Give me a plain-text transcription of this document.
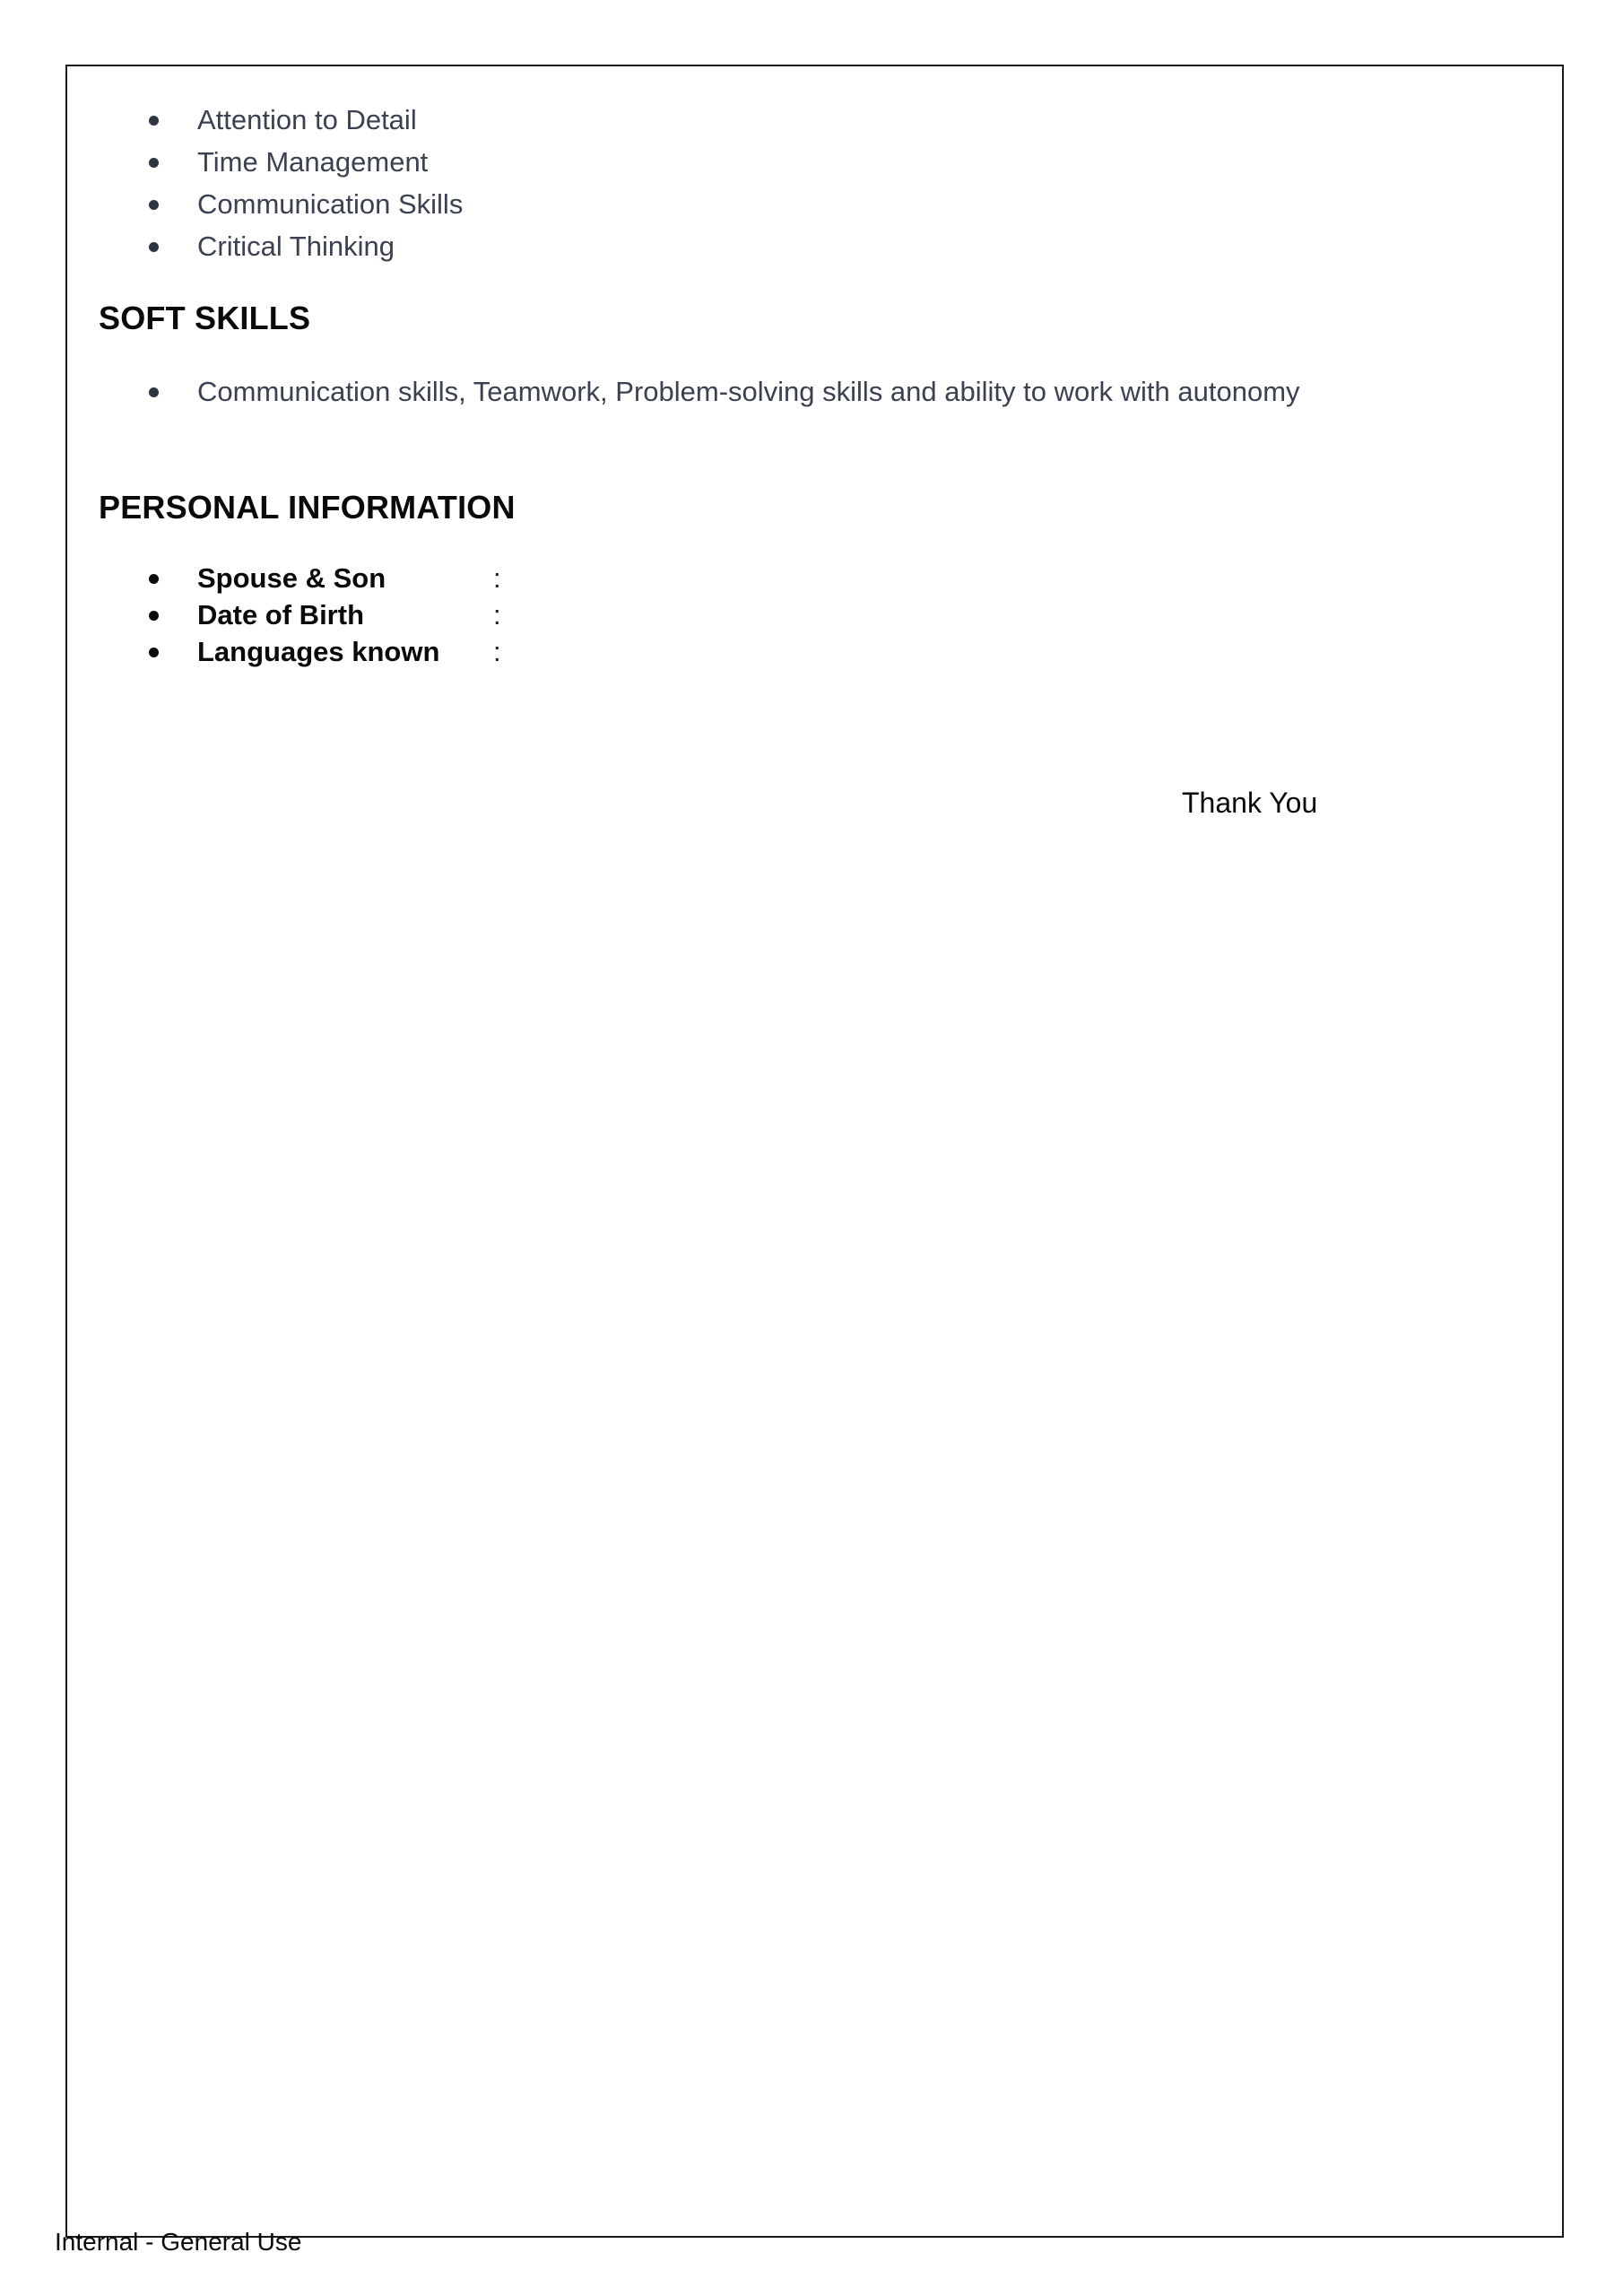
Attention to Detail
Time Management
Communication Skills
Critical Thinking
SOFT SKILLS
Communication skills, Teamwork, Problem-solving skills and ability to work with autonomy
PERSONAL INFORMATION
Spouse & Son	:
Date of Birth	:
Languages known :
Thank You
Internal - General Use
